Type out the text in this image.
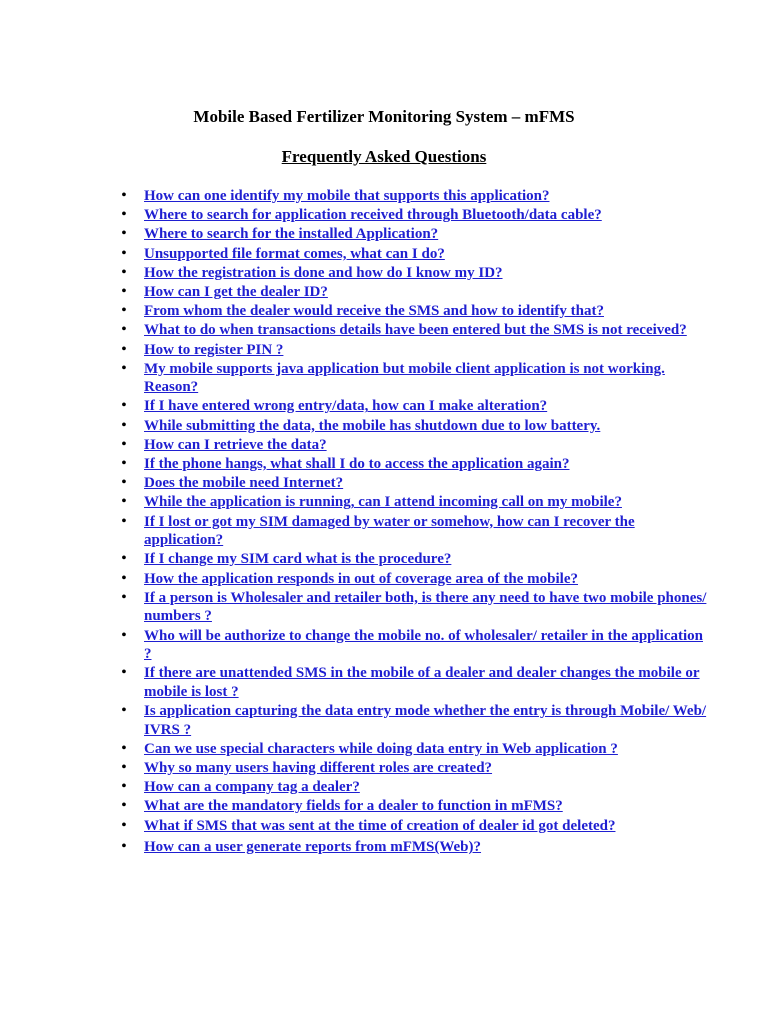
Mobile Based Fertilizer Monitoring System – mFMS
Frequently Asked Questions
• How can one identify my mobile that supports this application?
• Where to search for application received through Bluetooth/data cable?
• Where to search for the installed Application?
• Unsupported file format comes, what can I do?
• How the registration is done and how do I know my ID?
• How can I get the dealer ID?
• From whom the dealer would receive the SMS and how to identify that?
• What to do when transactions details have been entered but the SMS is not received?
• How to register PIN ?
• My mobile supports java application but mobile client application is not working. Reason?
• If I have entered wrong entry/data, how can I make alteration?
• While submitting the data, the mobile has shutdown due to low battery.
• How can I retrieve the data?
• If the phone hangs, what shall I do to access the application again?
• Does the mobile need Internet?
• While the application is running, can I attend incoming call on my mobile?
• If I lost or got my SIM damaged by water or somehow, how can I recover the application?
• If I change my SIM card what is the procedure?
• How the application responds in out of coverage area of the mobile?
• If a person is Wholesaler and retailer both, is there any need to have two mobile phones/ numbers ?
• Who will be authorize to change the mobile no. of wholesaler/ retailer in the application ?
• If there are unattended SMS in the mobile of a dealer and dealer changes the mobile or mobile is lost ?
• Is application capturing the data entry mode whether the entry is through Mobile/ Web/ IVRS ?
• Can we use special characters while doing data entry in Web application ?
• Why so many users having different roles are created?
• How can a company tag a dealer?
• What are the mandatory fields for a dealer to function in mFMS?
• What if SMS that was sent at the time of creation of dealer id got deleted?
• How can a user generate reports from mFMS(Web)?
